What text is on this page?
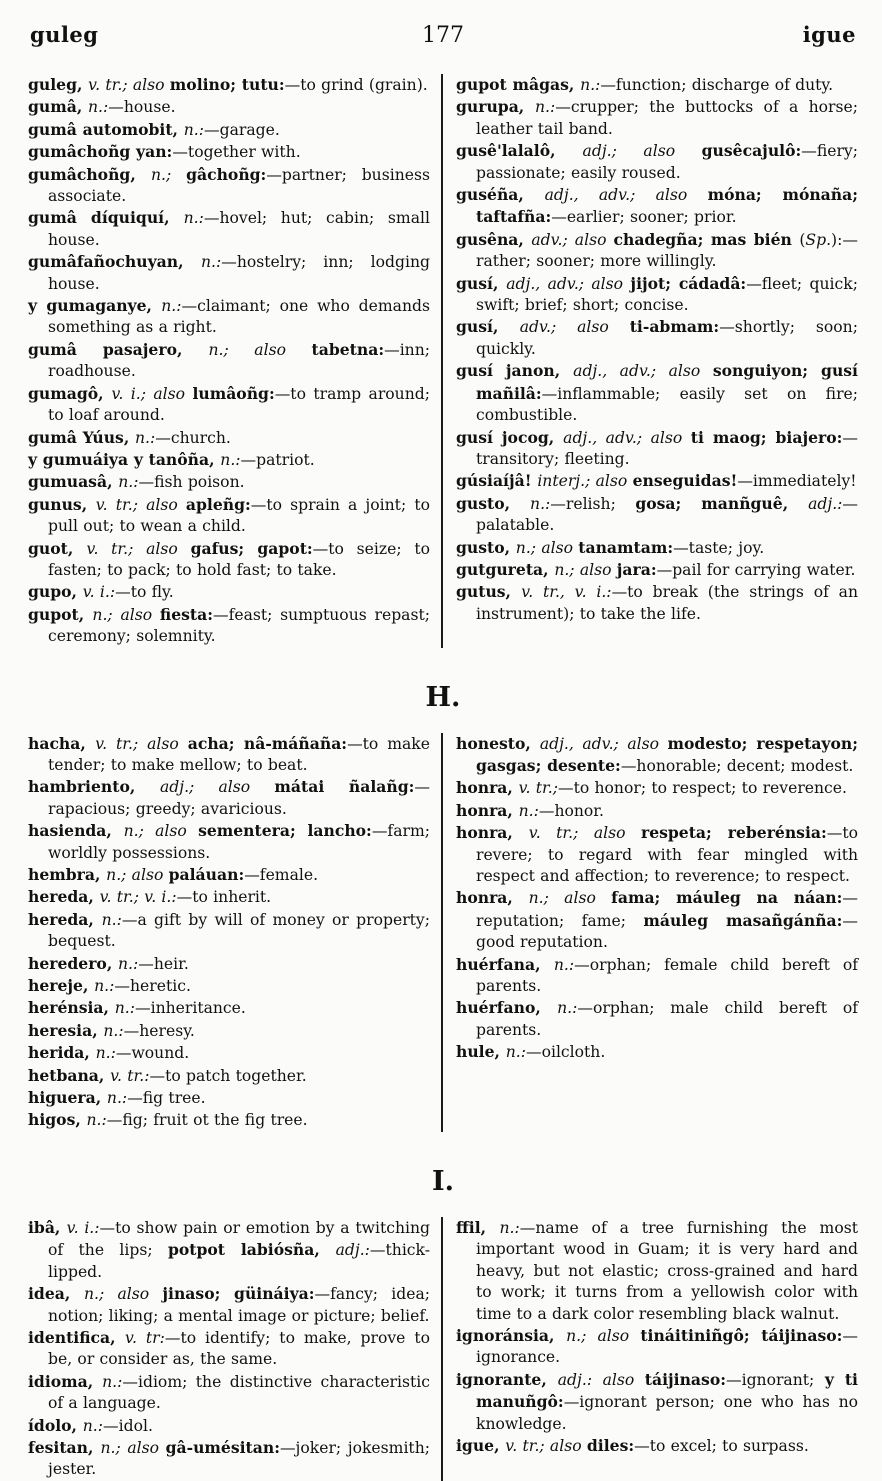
guleg	177	igue

guleg, v. tr.; also molino; tutu:—to grind (grain).

gumâ, n.:—house.

gumâ automobit, n.:—garage.

gumâchoñg yan:—together with.

gumâchoñg, n.; gâchoñg:—partner; business associate.

gumâ díquiquí, n.:—hovel; hut; cabin; small house.

gumâfañochuyan, n.:—hostelry; inn; lodging house.

y gumaganye, n.:—claimant; one who demands something as a right.

gumâ pasajero, n.; also tabetna:—inn; roadhouse.

gumagô, v. i.; also lumâoñg:—to tramp around; to loaf around.

gumâ Yúus, n.:—church.

y gumuáiya y tanôña, n.:—patriot.

gumuasâ, n.:—fish poison.

gunus, v. tr.; also apleñg:—to sprain a joint; to pull out; to wean a child.

guot, v. tr.; also gafus; gapot:—to seize; to fasten; to pack; to hold fast; to take.

gupo, v. i.:—to fly.

gupot, n.; also fiesta:—feast; sumptuous repast; ceremony; solemnity.

gupot mâgas, n.:—function; discharge of duty.

gurupa, n.:—crupper; the buttocks of a horse; leather tail band.

gusê'lalalô, adj.; also gusêcajulô:—fiery; passionate; easily roused.

guséña, adj., adv.; also móna; mónaña; taftafña:—earlier; sooner; prior.

gusêna, adv.; also chadegña; mas bién (Sp.):—rather; sooner; more willingly.

gusí, adj., adv.; also jijot; cádadâ:—fleet; quick; swift; brief; short; concise.

gusí, adv.; also ti-abmam:—shortly; soon; quickly.

gusí janon, adj., adv.; also songuiyon; gusí mañilâ:—inflammable; easily set on fire; combustible.

gusí jocog, adj., adv.; also ti maog; biajero:—transitory; fleeting.

gúsiaíjâ! interj.; also enseguidas!—immediately!

gusto, n.:—relish; gosa; manñguê, adj.:—palatable.

gusto, n.; also tanamtam:—taste; joy.

gutgureta, n.; also jara:—pail for carrying water.

gutus, v. tr., v. i.:—to break (the strings of an instrument); to take the life.

H.

hacha, v. tr.; also acha; nâ-máñaña:—to make tender; to make mellow; to beat.

hambriento, adj.; also mátai ñalañg:—rapacious; greedy; avaricious.

hasienda, n.; also sementera; lancho:—farm; worldly possessions.

hembra, n.; also paláuan:—female.

hereda, v. tr.; v. i.:—to inherit.

hereda, n.:—a gift by will of money or property; bequest.

heredero, n.:—heir.

hereje, n.:—heretic.

herénsia, n.:—inheritance.

heresia, n.:—heresy.

herida, n.:—wound.

hetbana, v. tr.:—to patch together.

higuera, n.:—fig tree.

higos, n.:—fig; fruit ot the fig tree.

honesto, adj., adv.; also modesto; respetayon; gasgas; desente:—honorable; decent; modest.

honra, v. tr.;—to honor; to respect; to reverence.

honra, n.:—honor.

honra, v. tr.; also respeta; reberénsia:—to revere; to regard with fear mingled with respect and affection; to reverence; to respect.

honra, n.; also fama; máuleg na náan:—reputation; fame; máuleg masañgánña:—good reputation.

huérfana, n.:—orphan; female child bereft of parents.

huérfano, n.:—orphan; male child bereft of parents.

hule, n.:—oilcloth.

I.

ibâ, v. i.:—to show pain or emotion by a twitching of the lips; potpot labiósña, adj.:—thick-lipped.

idea, n.; also jinaso; güináiya:—fancy; idea; notion; liking; a mental image or picture; belief.

identifica, v. tr:—to identify; to make, prove to be, or consider as, the same.

idioma, n.:—idiom; the distinctive characteristic of a language.

ídolo, n.:—idol.

fesitan, n.; also gâ-umésitan:—joker; jokesmith; jester.

ffil, n.:—name of a tree furnishing the most important wood in Guam; it is very hard and heavy, but not elastic; cross-grained and hard to work; it turns from a yellowish color with time to a dark color resembling black walnut.

ignoránsia, n.; also tináitiniñgô; táijinaso:—ignorance.

ignorante, adj.: also táijinaso:—ignorant; y ti manuñgô:—ignorant person; one who has no knowledge.

igue, v. tr.; also diles:—to excel; to surpass.
